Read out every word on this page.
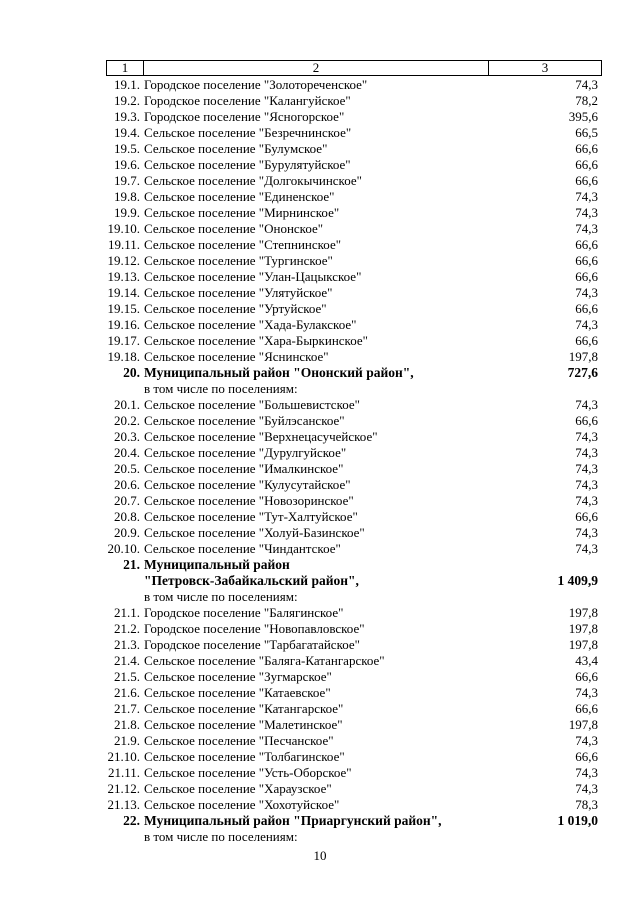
1	2	3
19.1. Городское поселение "Золотореченское"	74,3
19.2. Городское поселение "Калангуйское"	78,2
19.3. Городское поселение "Ясногорское"	395,6
19.4. Сельское поселение "Безречнинское"	66,5
19.5. Сельское поселение "Булумское"	66,6
19.6. Сельское поселение "Бурулятуйское"	66,6
19.7. Сельское поселение "Долгокычинское"	66,6
19.8. Сельское поселение "Единенское"	74,3
19.9. Сельское поселение "Мирнинское"	74,3
19.10. Сельское поселение "Ононское"	74,3
19.11. Сельское поселение "Степнинское"	66,6
19.12. Сельское поселение "Тургинское"	66,6
19.13. Сельское поселение "Улан-Цацыкское"	66,6
19.14. Сельское поселение "Улятуйское"	74,3
19.15. Сельское поселение "Уртуйское"	66,6
19.16. Сельское поселение "Хада-Булакское"	74,3
19.17. Сельское поселение "Хара-Быркинское"	66,6
19.18. Сельское поселение "Яснинское"	197,8
20. Муниципальный район "Ононский район",	727,6
в том числе по поселениям:
20.1. Сельское поселение "Большевистское"	74,3
20.2. Сельское поселение "Буйлэсанское"	66,6
20.3. Сельское поселение "Верхнецасучейское"	74,3
20.4. Сельское поселение "Дурулгуйское"	74,3
20.5. Сельское поселение "Ималкинское"	74,3
20.6. Сельское поселение "Кулусутайское"	74,3
20.7. Сельское поселение "Новозоринское"	74,3
20.8. Сельское поселение "Тут-Халтуйское"	66,6
20.9. Сельское поселение "Холуй-Базинское"	74,3
20.10. Сельское поселение "Чиндантское"	74,3
21. Муниципальный район
"Петровск-Забайкальский район",	1 409,9
в том числе по поселениям:
21.1. Городское поселение "Балягинское"	197,8
21.2. Городское поселение "Новопавловское"	197,8
21.3. Городское поселение "Тарбагатайское"	197,8
21.4. Сельское поселение "Баляга-Катангарское"	43,4
21.5. Сельское поселение "Зугмарское"	66,6
21.6. Сельское поселение "Катаевское"	74,3
21.7. Сельское поселение "Катангарское"	66,6
21.8. Сельское поселение "Малетинское"	197,8
21.9. Сельское поселение "Песчанское"	74,3
21.10. Сельское поселение "Толбагинское"	66,6
21.11. Сельское поселение "Усть-Оборское"	74,3
21.12. Сельское поселение "Хараузское"	74,3
21.13. Сельское поселение "Хохотуйское"	78,3
22. Муниципальный район "Приаргунский район",	1 019,0
в том числе по поселениям:
10
